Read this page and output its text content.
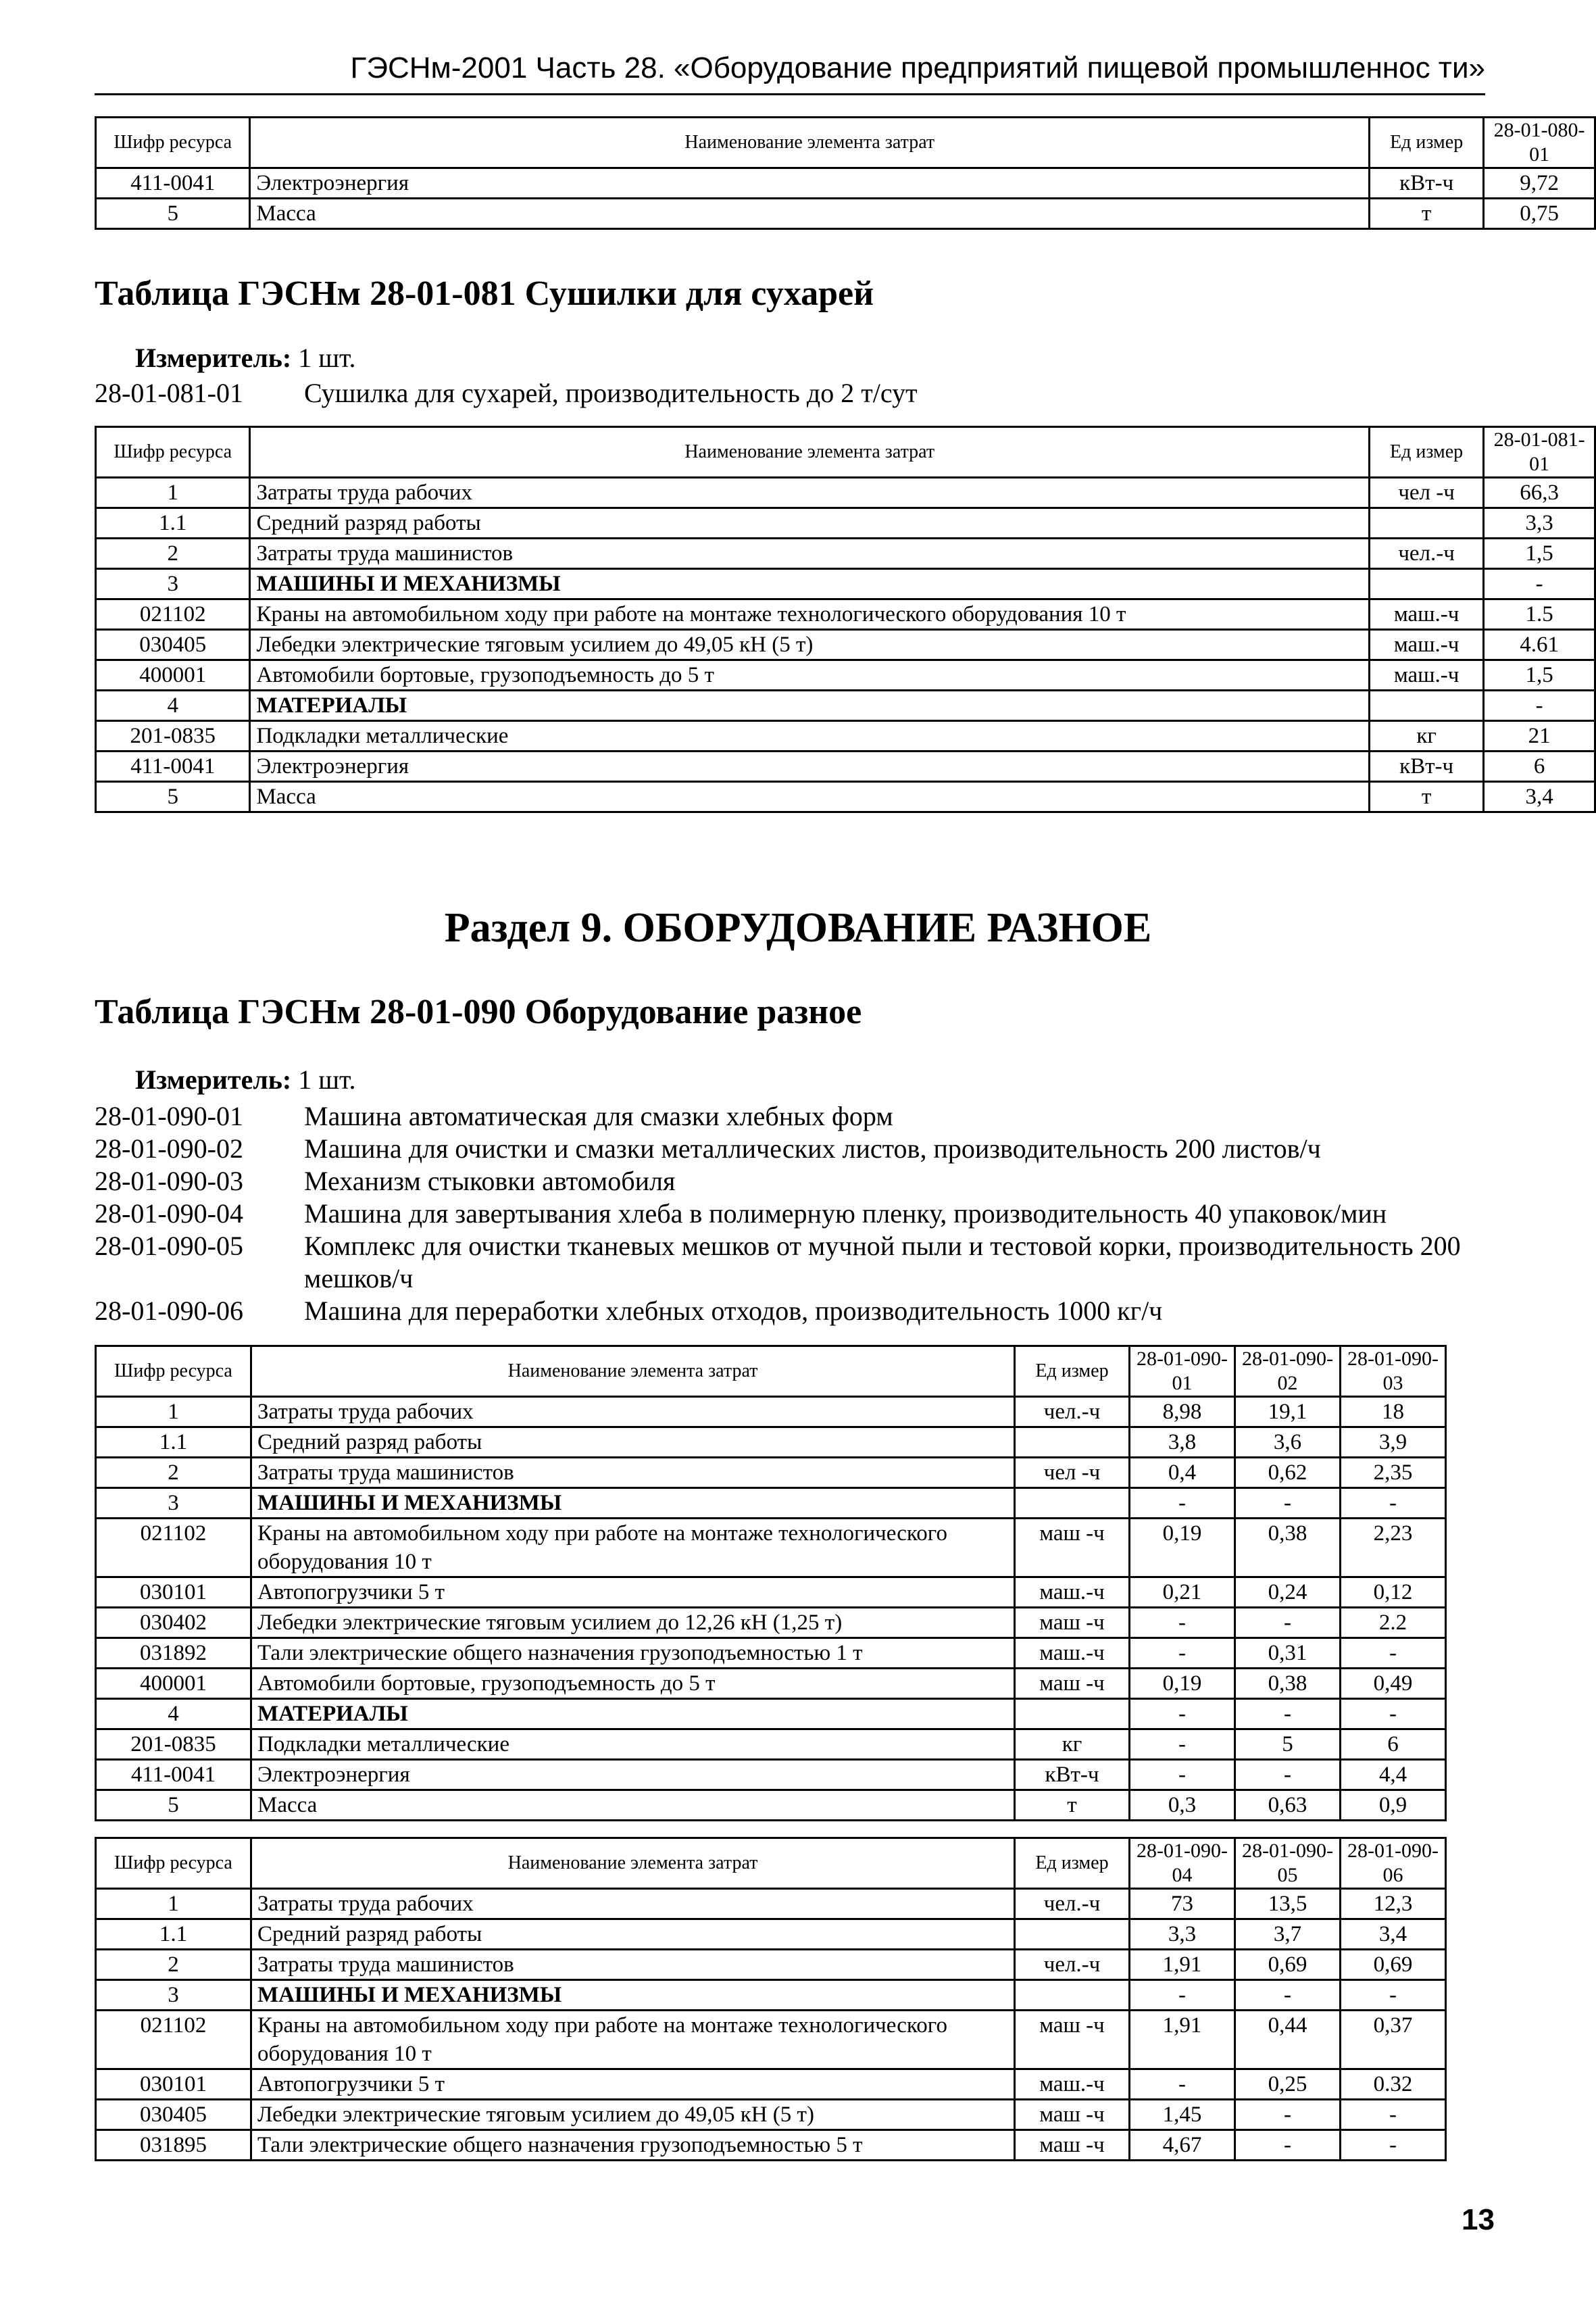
ГЭСНм-2001 Часть 28. «Оборудование предприятий пищевой промышленнос ти»
Шифр ресурса	Наименование элемента затрат	Ед измер	28-01-080-01
411-0041	Электроэнергия	кВт-ч	9,72
5	Масса	т	0,75
Таблица ГЭСНм 28-01-081 Сушилки для сухарей
Измеритель: 1 шт.
28-01-081-01	Сушилка для сухарей, производительность до 2 т/сут
Шифр ресурса	Наименование элемента затрат	Ед измер	28-01-081-01
1	Затраты труда рабочих	чел -ч	66,3
1.1	Средний разряд работы		3,3
2	Затраты труда машинистов	чел.-ч	1,5
3	МАШИНЫ И МЕХАНИЗМЫ		-
021102	Краны на автомобильном ходу при работе на монтаже технологического оборудования 10 т	маш.-ч	1.5
030405	Лебедки электрические тяговым усилием до 49,05 кН (5 т)	маш.-ч	4.61
400001	Автомобили бортовые, грузоподъемность до 5 т	маш.-ч	1,5
4	МАТЕРИАЛЫ		-
201-0835	Подкладки металлические	кг	21
411-0041	Электроэнергия	кВт-ч	6
5	Масса	т	3,4
Раздел 9. ОБОРУДОВАНИЕ РАЗНОЕ
Таблица ГЭСНм 28-01-090 Оборудование разное
Измеритель: 1 шт.
28-01-090-01	Машина автоматическая для смазки хлебных форм
28-01-090-02	Машина для очистки и смазки металлических листов, производительность 200 листов/ч
28-01-090-03	Механизм стыковки автомобиля
28-01-090-04	Машина для завертывания хлеба в полимерную пленку, производительность 40 упаковок/мин
28-01-090-05	Комплекс для очистки тканевых мешков от мучной пыли и тестовой корки, производительность 200 мешков/ч
28-01-090-06	Машина для переработки хлебных отходов, производительность 1000 кг/ч
Шифр ресурса	Наименование элемента затрат	Ед измер	28-01-090-01	28-01-090-02	28-01-090-03
1	Затраты труда рабочих	чел.-ч	8,98	19,1	18
1.1	Средний разряд работы		3,8	3,6	3,9
2	Затраты труда машинистов	чел -ч	0,4	0,62	2,35
3	МАШИНЫ И МЕХАНИЗМЫ		-	-	-
021102	Краны на автомобильном ходу при работе на монтаже технологического оборудования 10 т	маш -ч	0,19	0,38	2,23
030101	Автопогрузчики 5 т	маш.-ч	0,21	0,24	0,12
030402	Лебедки электрические тяговым усилием до 12,26 кН (1,25 т)	маш -ч	-	-	2.2
031892	Тали электрические общего назначения грузоподъемностью 1 т	маш.-ч	-	0,31	-
400001	Автомобили бортовые, грузоподъемность до 5 т	маш -ч	0,19	0,38	0,49
4	МАТЕРИАЛЫ		-	-	-
201-0835	Подкладки металлические	кг	-	5	6
411-0041	Электроэнергия	кВт-ч	-	-	4,4
5	Масса	т	0,3	0,63	0,9
Шифр ресурса	Наименование элемента затрат	Ед измер	28-01-090-04	28-01-090-05	28-01-090-06
1	Затраты труда рабочих	чел.-ч	73	13,5	12,3
1.1	Средний разряд работы		3,3	3,7	3,4
2	Затраты труда машинистов	чел.-ч	1,91	0,69	0,69
3	МАШИНЫ И МЕХАНИЗМЫ		-	-	-
021102	Краны на автомобильном ходу при работе на монтаже технологического оборудования 10 т	маш -ч	1,91	0,44	0,37
030101	Автопогрузчики 5 т	маш.-ч	-	0,25	0.32
030405	Лебедки электрические тяговым усилием до 49,05 кН (5 т)	маш -ч	1,45	-	-
031895	Тали электрические общего назначения грузоподъемностью 5 т	маш -ч	4,67	-	-
13
